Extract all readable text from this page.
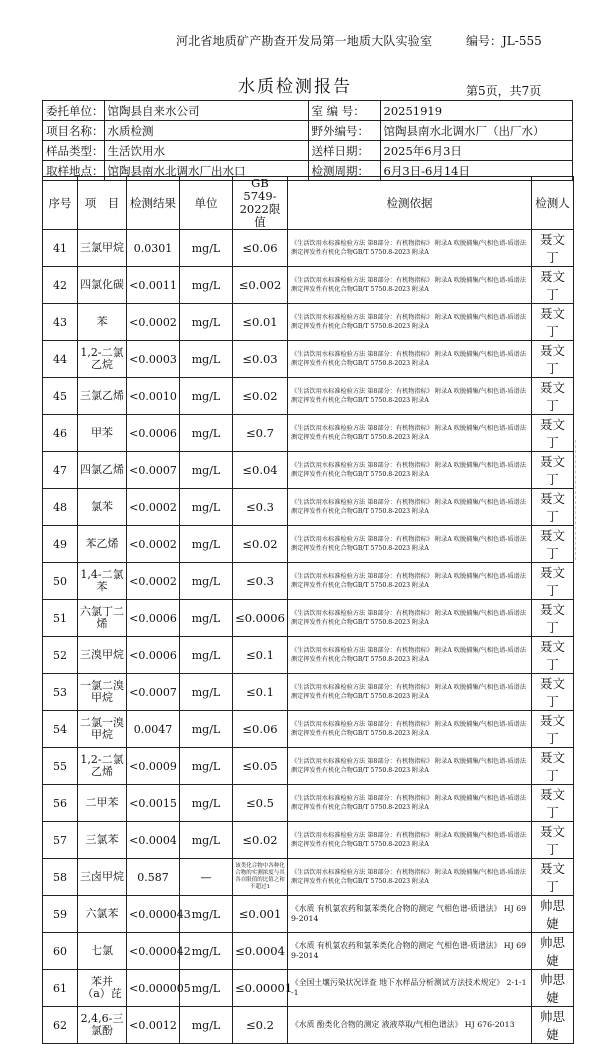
河北省地质矿产勘查开发局第一地质大队实验室	编号：JL-555
水质检测报告	第5页，共7页
委托单位：	馆陶县自来水公司	室 编 号：	20251919
项目名称：	水质检测	野外编号：	馆陶县南水北调水厂（出厂水）
样品类型：	生活饮用水	送样日期：	2025年6月3日
取样地点：	馆陶县南水北调水厂出水口	检测周期：	6月3日-6月14日
序号	项　目	检测结果	单位	GB 5749-2022限值	检测依据	检测人
41	三氯甲烷	0.0301	mg/L	≤0.06	《生活饮用水标准检验方法 第8部分：有机物指标》 附录A 吹脱捕集/气相色谱-质谱法测定挥发性有机化合物GB/T 5750.8-2023 附录A	聂文丁
42	四氯化碳	<0.0011	mg/L	≤0.002	《生活饮用水标准检验方法 第8部分：有机物指标》 附录A 吹脱捕集/气相色谱-质谱法测定挥发性有机化合物GB/T 5750.8-2023 附录A	聂文丁
43	苯	<0.0002	mg/L	≤0.01	《生活饮用水标准检验方法 第8部分：有机物指标》 附录A 吹脱捕集/气相色谱-质谱法测定挥发性有机化合物GB/T 5750.8-2023 附录A	聂文丁
44	1,2-二氯乙烷	<0.0003	mg/L	≤0.03	《生活饮用水标准检验方法 第8部分：有机物指标》 附录A 吹脱捕集/气相色谱-质谱法测定挥发性有机化合物GB/T 5750.8-2023 附录A	聂文丁
45	三氯乙烯	<0.0010	mg/L	≤0.02	《生活饮用水标准检验方法 第8部分：有机物指标》 附录A 吹脱捕集/气相色谱-质谱法测定挥发性有机化合物GB/T 5750.8-2023 附录A	聂文丁
46	甲苯	<0.0006	mg/L	≤0.7	《生活饮用水标准检验方法 第8部分：有机物指标》 附录A 吹脱捕集/气相色谱-质谱法测定挥发性有机化合物GB/T 5750.8-2023 附录A	聂文丁
47	四氯乙烯	<0.0007	mg/L	≤0.04	《生活饮用水标准检验方法 第8部分：有机物指标》 附录A 吹脱捕集/气相色谱-质谱法测定挥发性有机化合物GB/T 5750.8-2023 附录A	聂文丁
48	氯苯	<0.0002	mg/L	≤0.3	《生活饮用水标准检验方法 第8部分：有机物指标》 附录A 吹脱捕集/气相色谱-质谱法测定挥发性有机化合物GB/T 5750.8-2023 附录A	聂文丁
49	苯乙烯	<0.0002	mg/L	≤0.02	《生活饮用水标准检验方法 第8部分：有机物指标》 附录A 吹脱捕集/气相色谱-质谱法测定挥发性有机化合物GB/T 5750.8-2023 附录A	聂文丁
50	1,4-二氯苯	<0.0002	mg/L	≤0.3	《生活饮用水标准检验方法 第8部分：有机物指标》 附录A 吹脱捕集/气相色谱-质谱法测定挥发性有机化合物GB/T 5750.8-2023 附录A	聂文丁
51	六氯丁二烯	<0.0006	mg/L	≤0.0006	《生活饮用水标准检验方法 第8部分：有机物指标》 附录A 吹脱捕集/气相色谱-质谱法测定挥发性有机化合物GB/T 5750.8-2023 附录A	聂文丁
52	三溴甲烷	<0.0006	mg/L	≤0.1	《生活饮用水标准检验方法 第8部分：有机物指标》 附录A 吹脱捕集/气相色谱-质谱法测定挥发性有机化合物GB/T 5750.8-2023 附录A	聂文丁
53	一氯二溴甲烷	<0.0007	mg/L	≤0.1	《生活饮用水标准检验方法 第8部分：有机物指标》 附录A 吹脱捕集/气相色谱-质谱法测定挥发性有机化合物GB/T 5750.8-2023 附录A	聂文丁
54	二氯一溴甲烷	0.0047	mg/L	≤0.06	《生活饮用水标准检验方法 第8部分：有机物指标》 附录A 吹脱捕集/气相色谱-质谱法测定挥发性有机化合物GB/T 5750.8-2023 附录A	聂文丁
55	1,2-二氯乙烯	<0.0009	mg/L	≤0.05	《生活饮用水标准检验方法 第8部分：有机物指标》 附录A 吹脱捕集/气相色谱-质谱法测定挥发性有机化合物GB/T 5750.8-2023 附录A	聂文丁
56	二甲苯	<0.0015	mg/L	≤0.5	《生活饮用水标准检验方法 第8部分：有机物指标》 附录A 吹脱捕集/气相色谱-质谱法测定挥发性有机化合物GB/T 5750.8-2023 附录A	聂文丁
57	三氯苯	<0.0004	mg/L	≤0.02	《生活饮用水标准检验方法 第8部分：有机物指标》 附录A 吹脱捕集/气相色谱-质谱法测定挥发性有机化合物GB/T 5750.8-2023 附录A	聂文丁
58	三卤甲烷	0.587	—	该类化合物中各种化合物的实测浓度与其各自限值的比值之和不超过1	《生活饮用水标准检验方法 第8部分：有机物指标》 附录A 吹脱捕集/气相色谱-质谱法测定挥发性有机化合物GB/T 5750.8-2023 附录A	聂文丁
59	六氯苯	<0.000043	mg/L	≤0.001	《水质 有机氯农药和氯苯类化合物的测定 气相色谱-质谱法》 HJ 699-2014	帅思婕
60	七氯	<0.000042	mg/L	≤0.0004	《水质 有机氯农药和氯苯类化合物的测定 气相色谱-质谱法》 HJ 699-2014	帅思婕
61	苯并（a）芘	<0.000005	mg/L	≤0.00001	《全国土壤污染状况详查 地下水样品分析测试方法技术规定》 2-1-1-1	帅思婕
62	2,4,6-三氯酚	<0.0012	mg/L	≤0.2	《水质 酚类化合物的测定 液液萃取/气相色谱法》 HJ 676-2013	帅思婕
